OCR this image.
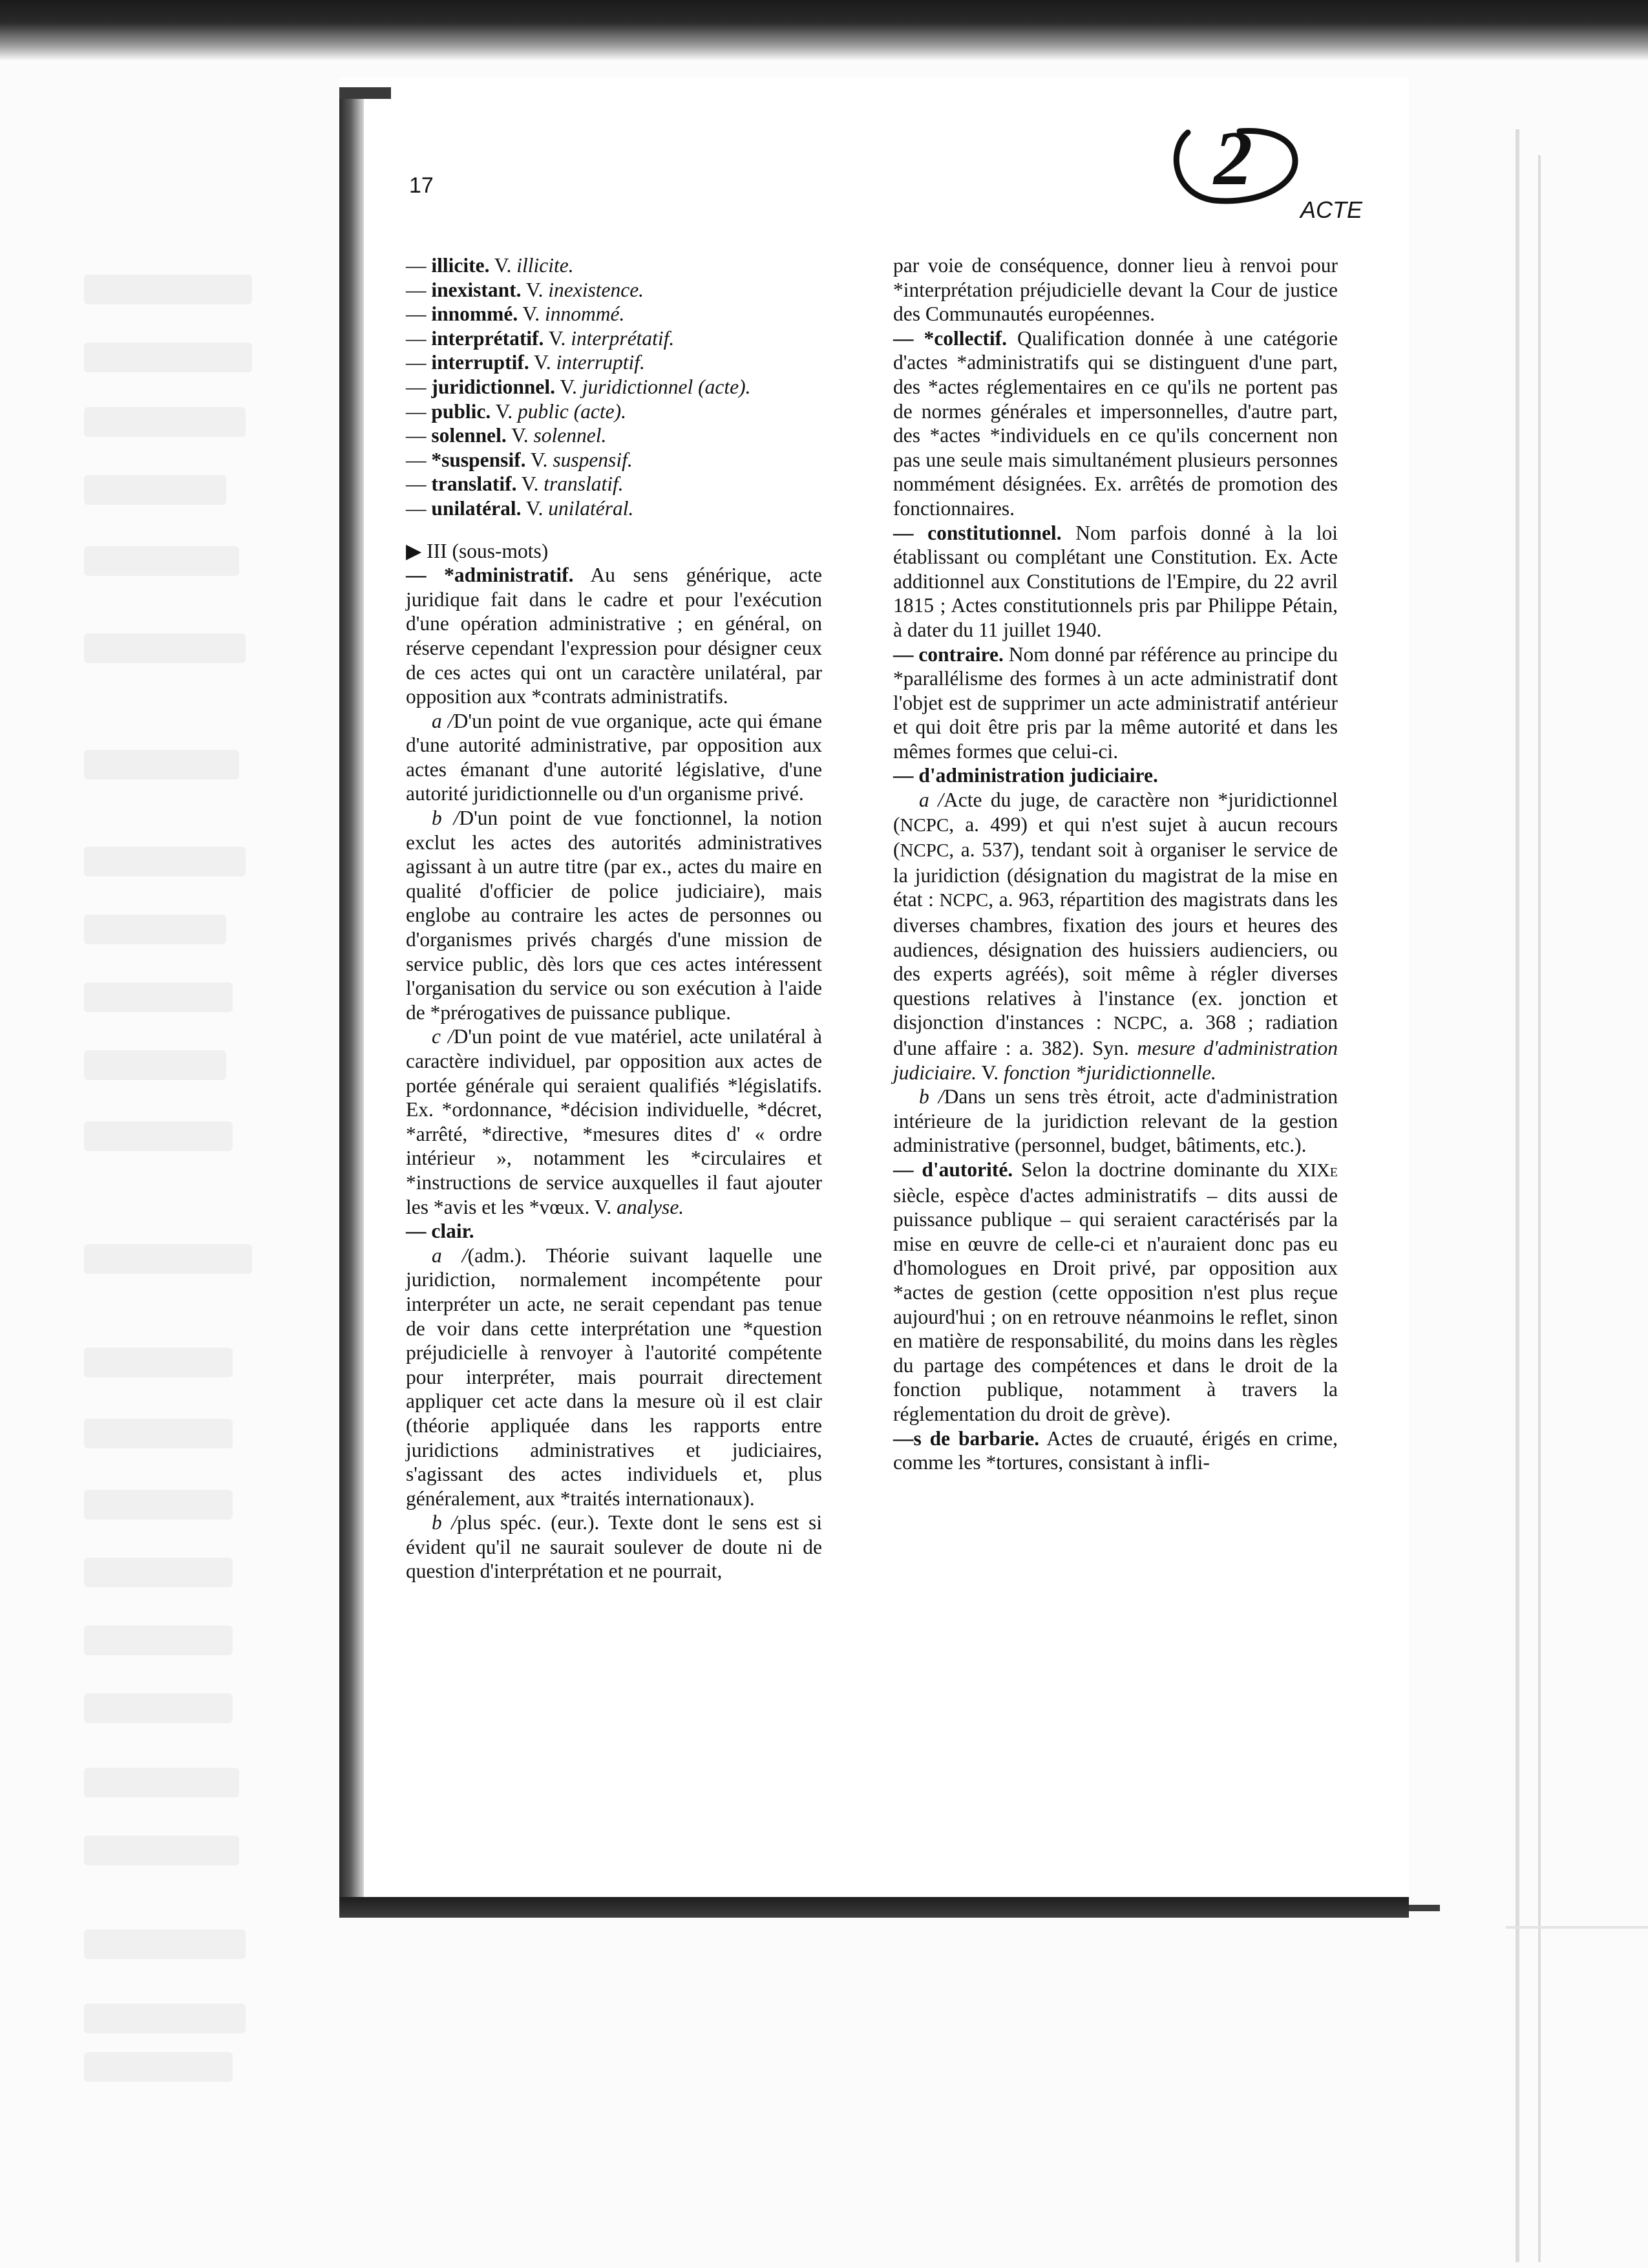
17
ACTE
2
— illicite. V. illicite.
— inexistant. V. inexistence.
— innommé. V. innommé.
— interprétatif. V. interprétatif.
— interruptif. V. interruptif.
— juridictionnel. V. juridictionnel (acte).
— public. V. public (acte).
— solennel. V. solennel.
— *suspensif. V. suspensif.
— translatif. V. translatif.
— unilatéral. V. unilatéral.

▶ III (sous-mots)

— *administratif. Au sens générique, acte juridique fait dans le cadre et pour l'exécution d'une opération administrative ; en général, on réserve cependant l'expression pour désigner ceux de ces actes qui ont un caractère unilatéral, par opposition aux *contrats administratifs.

a /D'un point de vue organique, acte qui émane d'une autorité administrative, par opposition aux actes émanant d'une autorité législative, d'une autorité juridictionnelle ou d'un organisme privé.

b /D'un point de vue fonctionnel, la notion exclut les actes des autorités administratives agissant à un autre titre (par ex., actes du maire en qualité d'officier de police judiciaire), mais englobe au contraire les actes de personnes ou d'organismes privés chargés d'une mission de service public, dès lors que ces actes intéressent l'organisation du service ou son exécution à l'aide de *prérogatives de puissance publique.

c /D'un point de vue matériel, acte unilatéral à caractère individuel, par opposition aux actes de portée générale qui seraient qualifiés *législatifs. Ex. *ordonnance, *décision individuelle, *décret, *arrêté, *directive, *mesures dites d' « ordre intérieur », notamment les *circulaires et *instructions de service auxquelles il faut ajouter les *avis et les *vœux. V. analyse.

— clair.

a /(adm.). Théorie suivant laquelle une juridiction, normalement incompétente pour interpréter un acte, ne serait cependant pas tenue de voir dans cette interprétation une *question préjudicielle à renvoyer à l'autorité compétente pour interpréter, mais pourrait directement appliquer cet acte dans la mesure où il est clair (théorie appliquée dans les rapports entre juridictions administratives et judiciaires, s'agissant des actes individuels et, plus généralement, aux *traités internationaux).

b /plus spéc. (eur.). Texte dont le sens est si évident qu'il ne saurait soulever de doute ni de question d'interprétation et ne pourrait,

par voie de conséquence, donner lieu à renvoi pour *interprétation préjudicielle devant la Cour de justice des Communautés européennes.

— *collectif. Qualification donnée à une catégorie d'actes *administratifs qui se distinguent d'une part, des *actes réglementaires en ce qu'ils ne portent pas de normes générales et impersonnelles, d'autre part, des *actes *individuels en ce qu'ils concernent non pas une seule mais simultanément plusieurs personnes nommément désignées. Ex. arrêtés de promotion des fonctionnaires.

— constitutionnel. Nom parfois donné à la loi établissant ou complétant une Constitution. Ex. Acte additionnel aux Constitutions de l'Empire, du 22 avril 1815 ; Actes constitutionnels pris par Philippe Pétain, à dater du 11 juillet 1940.

— contraire. Nom donné par référence au principe du *parallélisme des formes à un acte administratif dont l'objet est de supprimer un acte administratif antérieur et qui doit être pris par la même autorité et dans les mêmes formes que celui-ci.

— d'administration judiciaire.

a /Acte du juge, de caractère non *juridictionnel (NCPC, a. 499) et qui n'est sujet à aucun recours (NCPC, a. 537), tendant soit à organiser le service de la juridiction (désignation du magistrat de la mise en état : NCPC, a. 963, répartition des magistrats dans les diverses chambres, fixation des jours et heures des audiences, désignation des huissiers audienciers, ou des experts agréés), soit même à régler diverses questions relatives à l'instance (ex. jonction et disjonction d'instances : NCPC, a. 368 ; radiation d'une affaire : a. 382). Syn. mesure d'administration judiciaire. V. fonction *juridictionnelle.

b /Dans un sens très étroit, acte d'administration intérieure de la juridiction relevant de la gestion administrative (personnel, budget, bâtiments, etc.).

— d'autorité. Selon la doctrine dominante du XIXe siècle, espèce d'actes administratifs – dits aussi de puissance publique – qui seraient caractérisés par la mise en œuvre de celle-ci et n'auraient donc pas eu d'homologues en Droit privé, par opposition aux *actes de gestion (cette opposition n'est plus reçue aujourd'hui ; on en retrouve néanmoins le reflet, sinon en matière de responsabilité, du moins dans les règles du partage des compétences et dans le droit de la fonction publique, notamment à travers la réglementation du droit de grève).

—s de barbarie. Actes de cruauté, érigés en crime, comme les *tortures, consistant à infli-
